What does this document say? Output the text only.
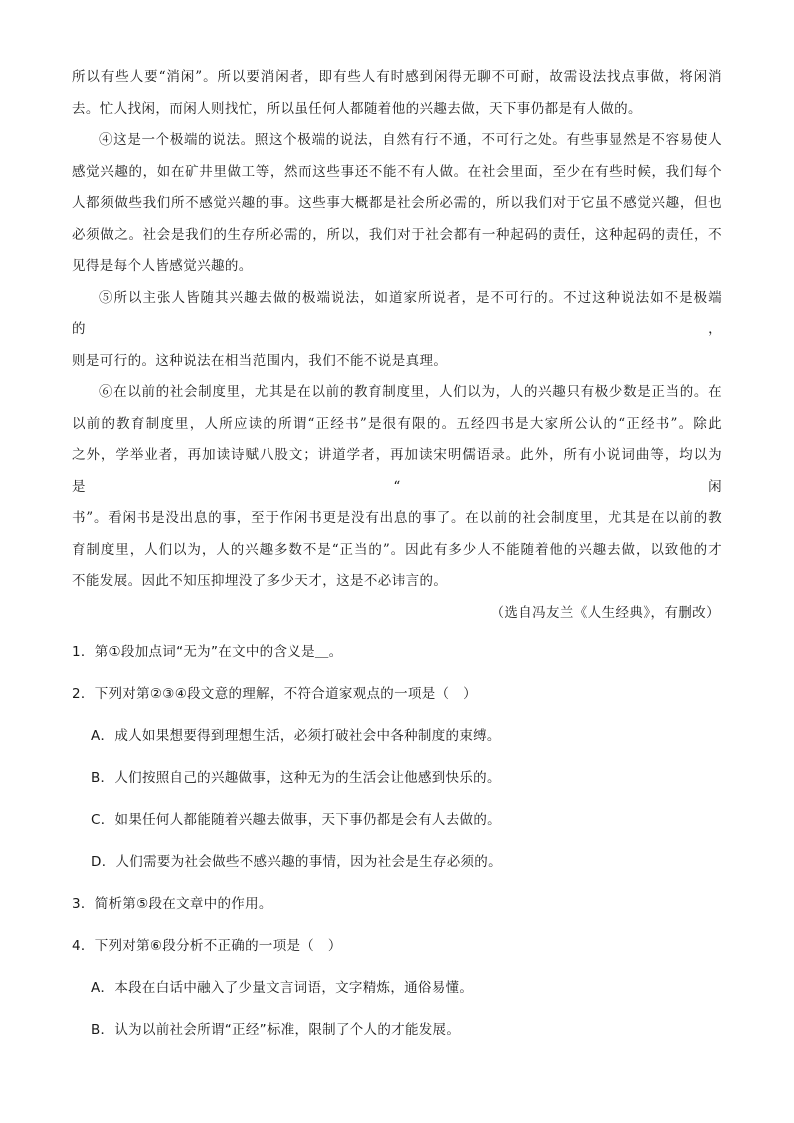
所以有些人要“消闲”。所以要消闲者，即有些人有时感到闲得无聊不可耐，故需设法找点事做，将闲消

去。忙人找闲，而闲人则找忙，所以虽任何人都随着他的兴趣去做，天下事仍都是有人做的。

④这是一个极端的说法。照这个极端的说法，自然有行不通，不可行之处。有些事显然是不容易使人

感觉兴趣的，如在矿井里做工等，然而这些事还不能不有人做。在社会里面，至少在有些时候，我们每个

人都须做些我们所不感觉兴趣的事。这些事大概都是社会所必需的，所以我们对于它虽不感觉兴趣，但也

必须做之。社会是我们的生存所必需的，所以，我们对于社会都有一种起码的责任，这种起码的责任，不

见得是每个人皆感觉兴趣的。

⑤所以主张人皆随其兴趣去做的极端说法，如道家所说者，是不可行的。不过这种说法如不是极端的，

则是可行的。这种说法在相当范围内，我们不能不说是真理。

⑥在以前的社会制度里，尤其是在以前的教育制度里，人们以为，人的兴趣只有极少数是正当的。在

以前的教育制度里，人所应读的所谓“正经书”是很有限的。五经四书是大家所公认的“正经书”。除此

之外，学举业者，再加读诗赋八股文；讲道学者，再加读宋明儒语录。此外，所有小说词曲等，均以为是“闲

书”。看闲书是没出息的事，至于作闲书更是没有出息的事了。在以前的社会制度里，尤其是在以前的教

育制度里，人们以为，人的兴趣多数不是“正当的”。因此有多少人不能随着他的兴趣去做，以致他的才

不能发展。因此不知压抑埋没了多少天才，这是不必讳言的。

（选自冯友兰《人生经典》，有删改）

1．第①段加点词“无为”在文中的含义是＿。

2．下列对第②③④段文意的理解，不符合道家观点的一项是（　）

A．成人如果想要得到理想生活，必须打破社会中各种制度的束缚。

B．人们按照自己的兴趣做事，这种无为的生活会让他感到快乐的。

C．如果任何人都能随着兴趣去做事，天下事仍都是会有人去做的。

D．人们需要为社会做些不感兴趣的事情，因为社会是生存必须的。

3．简析第⑤段在文章中的作用。

4．下列对第⑥段分析不正确的一项是（　）

A．本段在白话中融入了少量文言词语，文字精炼，通俗易懂。

B．认为以前社会所谓“正经”标准，限制了个人的才能发展。
